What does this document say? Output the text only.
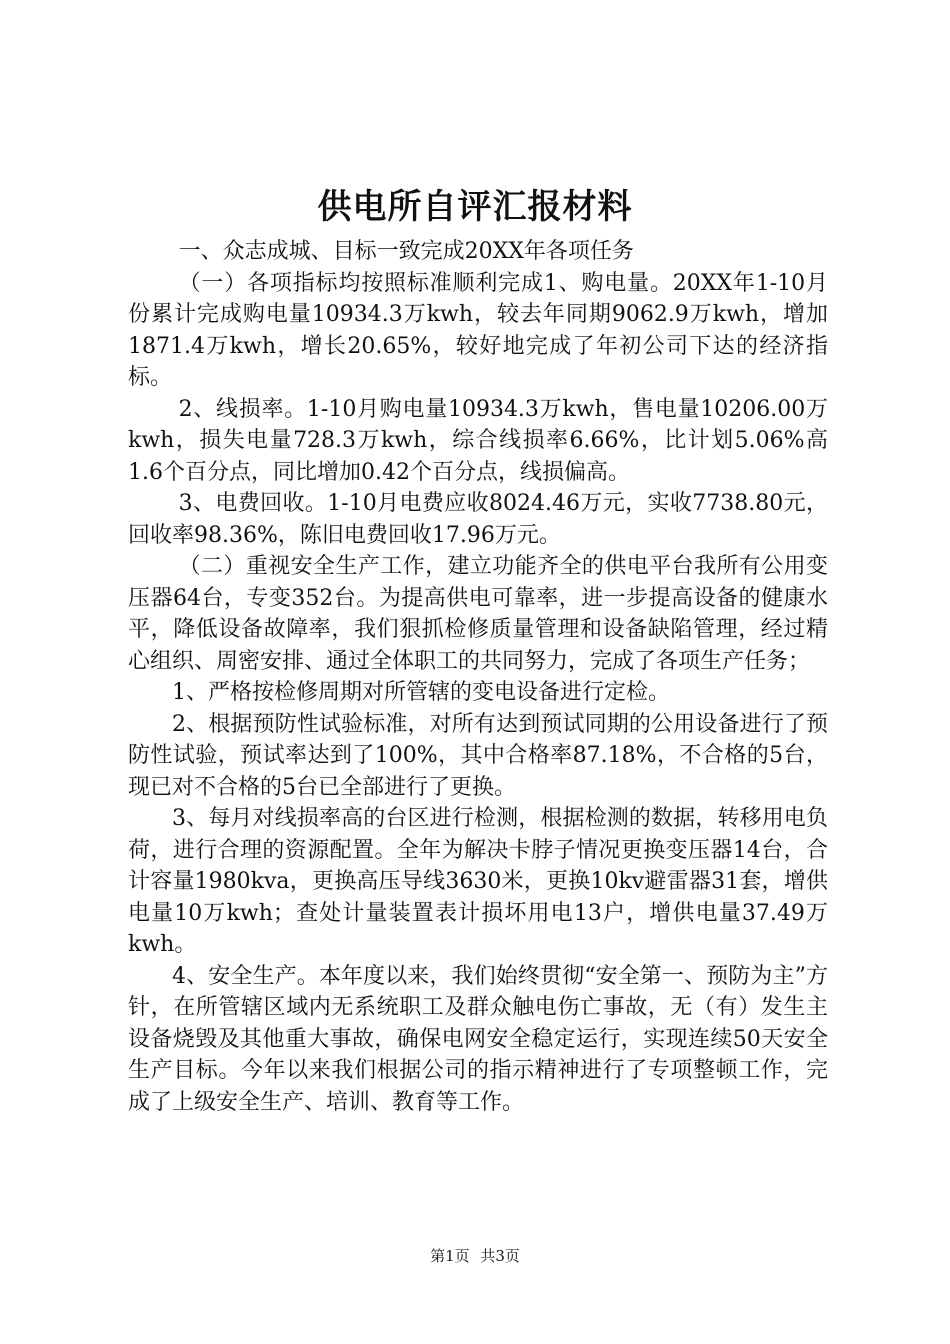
供电所自评汇报材料

一、众志成城、目标一致完成20XX年各项任务

（一）各项指标均按照标准顺利完成1、购电量。20XX年1-10月份累计完成购电量10934.3万kwh，较去年同期9062.9万kwh，增加1871.4万kwh，增长20.65%，较好地完成了年初公司下达的经济指标。

2、线损率。1-10月购电量10934.3万kwh，售电量10206.00万kwh，损失电量728.3万kwh，综合线损率6.66%，比计划5.06%高1.6个百分点，同比增加0.42个百分点，线损偏高。

3、电费回收。1-10月电费应收8024.46万元，实收7738.80元，回收率98.36%，陈旧电费回收17.96万元。

（二）重视安全生产工作，建立功能齐全的供电平台我所有公用变压器64台，专变352台。为提高供电可靠率，进一步提高设备的健康水平，降低设备故障率，我们狠抓检修质量管理和设备缺陷管理，经过精心组织、周密安排、通过全体职工的共同努力，完成了各项生产任务；

1、严格按检修周期对所管辖的变电设备进行定检。

2、根据预防性试验标准，对所有达到预试同期的公用设备进行了预防性试验，预试率达到了100%，其中合格率87.18%，不合格的5台，现已对不合格的5台已全部进行了更换。

3、每月对线损率高的台区进行检测，根据检测的数据，转移用电负荷，进行合理的资源配置。全年为解决卡脖子情况更换变压器14台，合计容量1980kva，更换高压导线3630米，更换10kv避雷器31套，增供电量10万kwh；查处计量装置表计损坏用电13户，增供电量37.49万kwh。

4、安全生产。本年度以来，我们始终贯彻“安全第一、预防为主”方针，在所管辖区域内无系统职工及群众触电伤亡事故，无（有）发生主设备烧毁及其他重大事故，确保电网安全稳定运行，实现连续50天安全生产目标。今年以来我们根据公司的指示精神进行了专项整顿工作，完成了上级安全生产、培训、教育等工作。

第1页 共3页
